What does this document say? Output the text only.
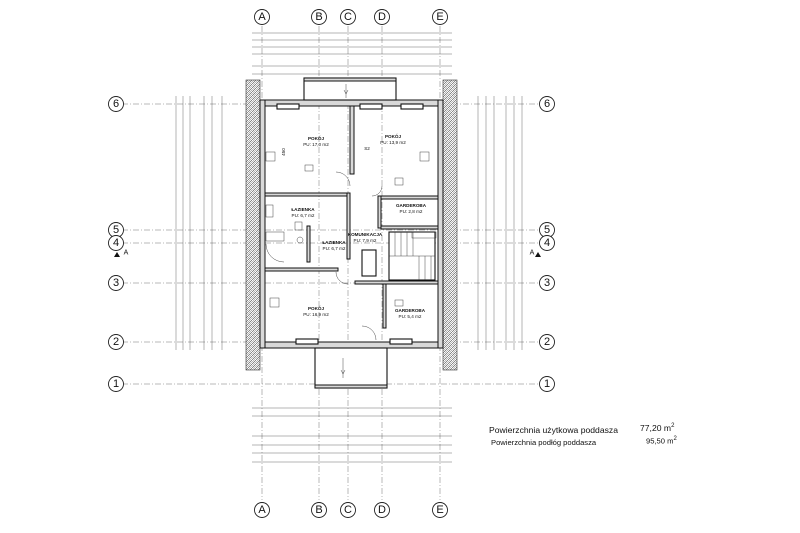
POKÓJ
PU: 17,0 m2
POKÓJ
PU: 13,9 m2
ŁAZIENKA
PU: 6,7 m2
GARDEROBA
PU: 2,8 m2
ŁAZIENKA
PU: 6,7 m2
KOMUNIKACJA
PU: 7,9 m2
POKÓJ
PU: 16,9 m2
GARDEROBA
PU: 5,4 m2
S2
450
A	A
A	B C D	E
A	B C D	E
6
5
4
3
2
1
6
5
4
3
2
1
Powierzchnia użytkowa poddasza	77,20 $m^2$
Powierzchnia podłóg poddasza	95,50 $m^2$
